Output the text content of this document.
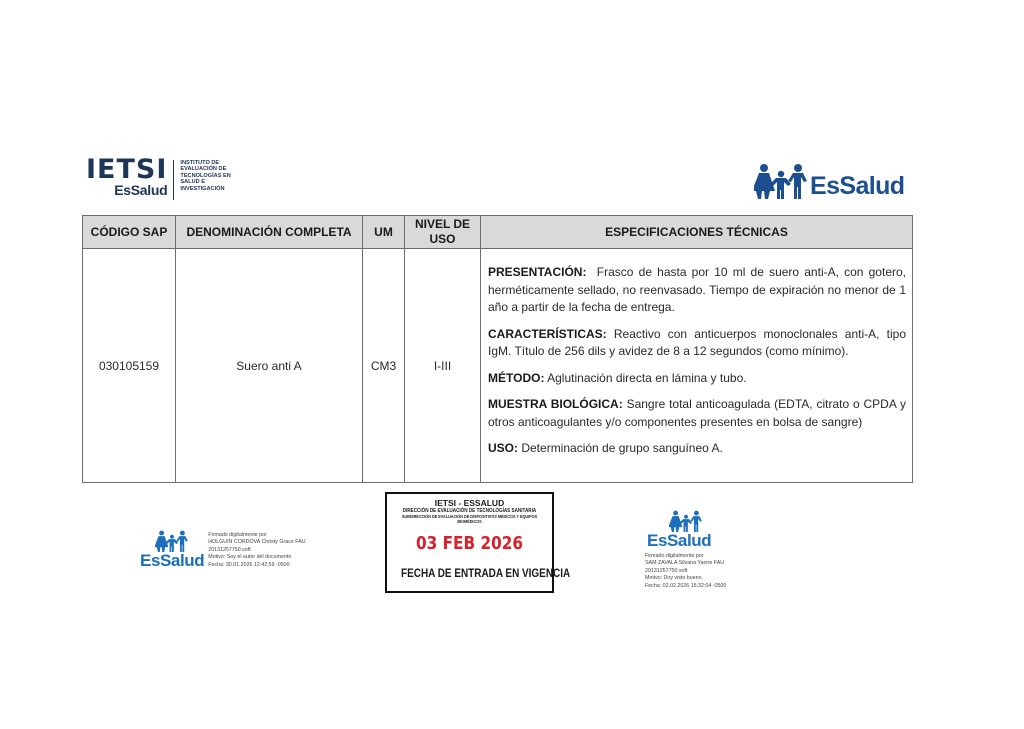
IETSI
EsSalud
INSTITUTO DE
EVALUACIÓN DE
TECNOLOGÍAS EN
SALUD E
INVESTIGACIÓN	EsSalud
CÓDIGO SAP	DENOMINACIÓN COMPLETA	UM	NIVEL DE USO	ESPECIFICACIONES TÉCNICAS
030105159	Suero anti A	CM3	I-III	PRESENTACIÓN: Frasco de hasta por 10 ml de suero anti-A, con gotero, herméticamente sellado, no reenvasado. Tiempo de expiración no menor de 1 año a partir de la fecha de entrega.

CARACTERÍSTICAS: Reactivo con anticuerpos monoclonales anti-A, tipo IgM. Título de 256 dils y avidez de 8 a 12 segundos (como mínimo).

MÉTODO: Aglutinación directa en lámina y tubo.

MUESTRA BIOLÓGICA: Sangre total anticoagulada (EDTA, citrato o CPDA y otros anticoagulantes y/o componentes presentes en bolsa de sangre)

USO: Determinación de grupo sanguíneo A.

EsSalud
Firmado digitalmente por
HOLGUIN CORDOVA Christy Grace FAU
20131257750 soft
Motivo: Soy el autor del documento
Fecha: 30.01.2026 12:42:59 -0500
IETSI - ESSALUD
DIRECCIÓN DE EVALUACIÓN DE TECNOLOGÍAS SANITARIA
SUBDIRECCIÓN DE EVALUACIÓN DE DISPOSITIVOS MÉDICOS Y EQUIPOS BIOMÉDICOS
03 FEB 2026
FECHA DE ENTRADA EN VIGENCIA
EsSalud
Firmado digitalmente por
SAM ZAVALA Silvana Yanire FAU
20131257750 soft
Motivo: Doy visto bueno.
Fecha: 02.02.2026 15:32:04 -0500
